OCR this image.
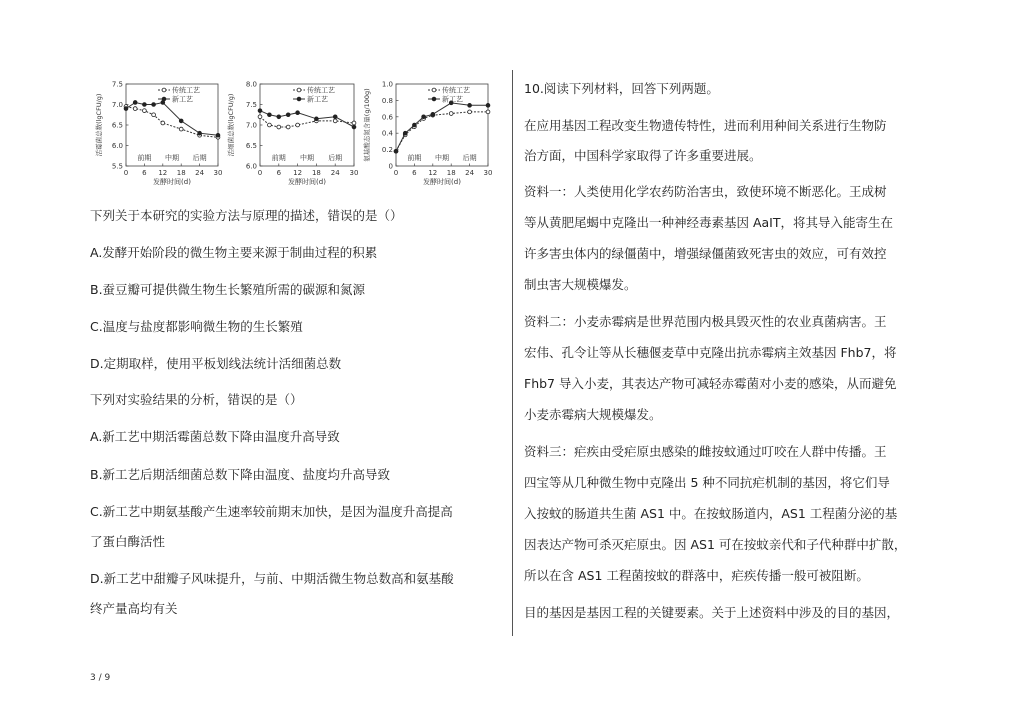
5.5
6.0
6.5
7.0
7.5
0 6 12 18 24 30
前期 中期 后期
发酵时间(d)
活霉菌总数(lgCFU/g)
传统工艺
新工艺
6.0
6.5
7.0
7.5
8.0
0 6 12 18 24 30
前期 中期 后期
发酵时间(d)
活细菌总数(lgCFU/g)
传统工艺
新工艺
0
0.2
0.4
0.6
0.8
1.0
0 6 12 18 24 30
前期 中期 后期
发酵时间(d)
氨基酸态氮含量(g/100g)	传统工艺
新工艺
下列关于本研究的实验方法与原理的描述，错误的是（）
A.发酵开始阶段的微生物主要来源于制曲过程的积累
B.蚕豆瓣可提供微生物生长繁殖所需的碳源和氮源
C.温度与盐度都影响微生物的生长繁殖
D.定期取样，使用平板划线法统计活细菌总数
下列对实验结果的分析，错误的是（）
A.新工艺中期活霉菌总数下降由温度升高导致
B.新工艺后期活细菌总数下降由温度、盐度均升高导致
C.新工艺中期氨基酸产生速率较前期末加快，是因为温度升高提高
了蛋白酶活性
D.新工艺中甜瓣子风味提升，与前、中期活微生物总数高和氨基酸
终产量高均有关
10.阅读下列材料，回答下列两题。
在应用基因工程改变生物遗传特性，进而利用种间关系进行生物防
治方面，中国科学家取得了许多重要进展。
资料一：人类使用化学农药防治害虫，致使环境不断恶化。王成树
等从黄肥尾蝎中克隆出一种神经毒素基因 AaIT，将其导入能寄生在
许多害虫体内的绿僵菌中，增强绿僵菌致死害虫的效应，可有效控
制虫害大规模爆发。
资料二：小麦赤霉病是世界范围内极具毁灭性的农业真菌病害。王
宏伟、孔令让等从长穗偃麦草中克隆出抗赤霉病主效基因 Fhb7，将
Fhb7 导入小麦，其表达产物可减轻赤霉菌对小麦的感染，从而避免
小麦赤霉病大规模爆发。
资料三：疟疾由受疟原虫感染的雌按蚊通过叮咬在人群中传播。王
四宝等从几种微生物中克隆出 5 种不同抗疟机制的基因，将它们导
入按蚊的肠道共生菌 AS1 中。在按蚊肠道内，AS1 工程菌分泌的基
因表达产物可杀灭疟原虫。因 AS1 可在按蚊亲代和子代种群中扩散，
所以在含 AS1 工程菌按蚊的群落中，疟疾传播一般可被阻断。
目的基因是基因工程的关键要素。关于上述资料中涉及的目的基因，
3 / 9
